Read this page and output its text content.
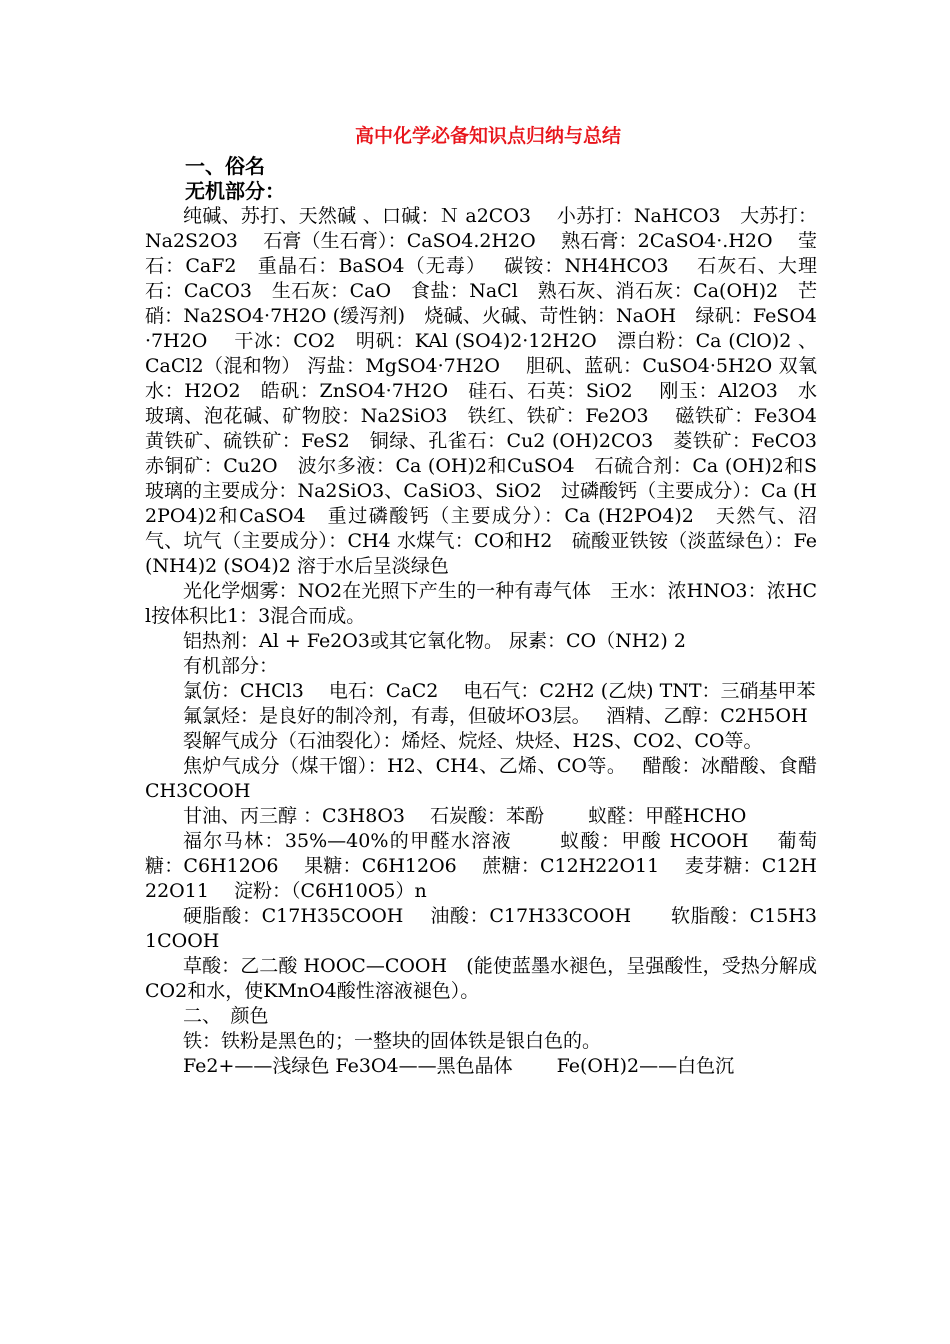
高中化学必备知识点归纳与总结

一、俗名

无机部分：

纯碱、苏打、天然碱 、口碱：Ｎ a2CO3　 小苏打：NaHCO3　大苏打：Na2S2O3　 石膏（生石膏）：CaSO4.2H2O　 熟石膏：2CaSO4·.H2O　 莹石：CaF2　重晶石：BaSO4（无毒）　 碳铵：NH4HCO3　 石灰石、大理石：CaCO3　生石灰：CaO　食盐：NaCl　熟石灰、消石灰：Ca(OH)2　芒硝：Na2SO4·7H2O (缓泻剂)　烧碱、火碱、苛性钠：NaOH　绿矾：FeSO4·7H2O　 干冰：CO2　明矾：KAl (SO4)2·12H2O　漂白粉：Ca (ClO)2 、CaCl2（混和物） 泻盐：MgSO4·7H2O　 胆矾、蓝矾：CuSO4·5H2O 双氧水：H2O2　皓矾：ZnSO4·7H2O　硅石、石英：SiO2　 刚玉：Al2O3　水玻璃、泡花碱、矿物胶：Na2SiO3　铁红、铁矿：Fe2O3　 磁铁矿：Fe3O4　黄铁矿、硫铁矿：FeS2　铜绿、孔雀石：Cu2 (OH)2CO3　菱铁矿：FeCO3 赤铜矿：Cu2O　波尔多液：Ca (OH)2和CuSO4　石硫合剂：Ca (OH)2和S　玻璃的主要成分：Na2SiO3、CaSiO3、SiO2　过磷酸钙（主要成分）：Ca (H2PO4)2和CaSO4　重过磷酸钙（主要成分）：Ca (H2PO4)2　天然气、沼气、坑气（主要成分）：CH4 水煤气：CO和H2　硫酸亚铁铵（淡蓝绿色）：Fe (NH4)2 (SO4)2 溶于水后呈淡绿色

光化学烟雾：NO2在光照下产生的一种有毒气体　王水：浓HNO3：浓HCl按体积比1：3混合而成。

铝热剂：Al + Fe2O3或其它氧化物。 尿素：CO（NH2) 2

有机部分：

氯仿：CHCl3　 电石：CaC2　 电石气：C2H2 (乙炔) TNT：三硝基甲苯

氟氯烃：是良好的制冷剂，有毒，但破坏O3层。　 酒精、乙醇：C2H5OH

裂解气成分（石油裂化）：烯烃、烷烃、炔烃、H2S、CO2、CO等。

焦炉气成分（煤干馏）：H2、CH4、乙烯、CO等。　 醋酸：冰醋酸、食醋　CH3COOH

甘油、丙三醇 ：C3H8O3　 石炭酸：苯酚　　 蚁醛：甲醛HCHO

福尔马林：35%—40%的甲醛水溶液　　 蚁酸：甲酸 HCOOH　 葡萄糖：C6H12O6　 果糖：C6H12O6　 蔗糖：C12H22O11　 麦芽糖：C12H22O11　 淀粉：（C6H10O5）n

硬脂酸：C17H35COOH　 油酸：C17H33COOH　　软脂酸：C15H31COOH

草酸：乙二酸 HOOC—COOH　(能使蓝墨水褪色，呈强酸性，受热分解成CO2和水，使KMnO4酸性溶液褪色）。

二、　颜色

铁：铁粉是黑色的；一整块的固体铁是银白色的。

Fe2+——浅绿色 Fe3O4——黑色晶体　　 Fe(OH)2——白色沉
